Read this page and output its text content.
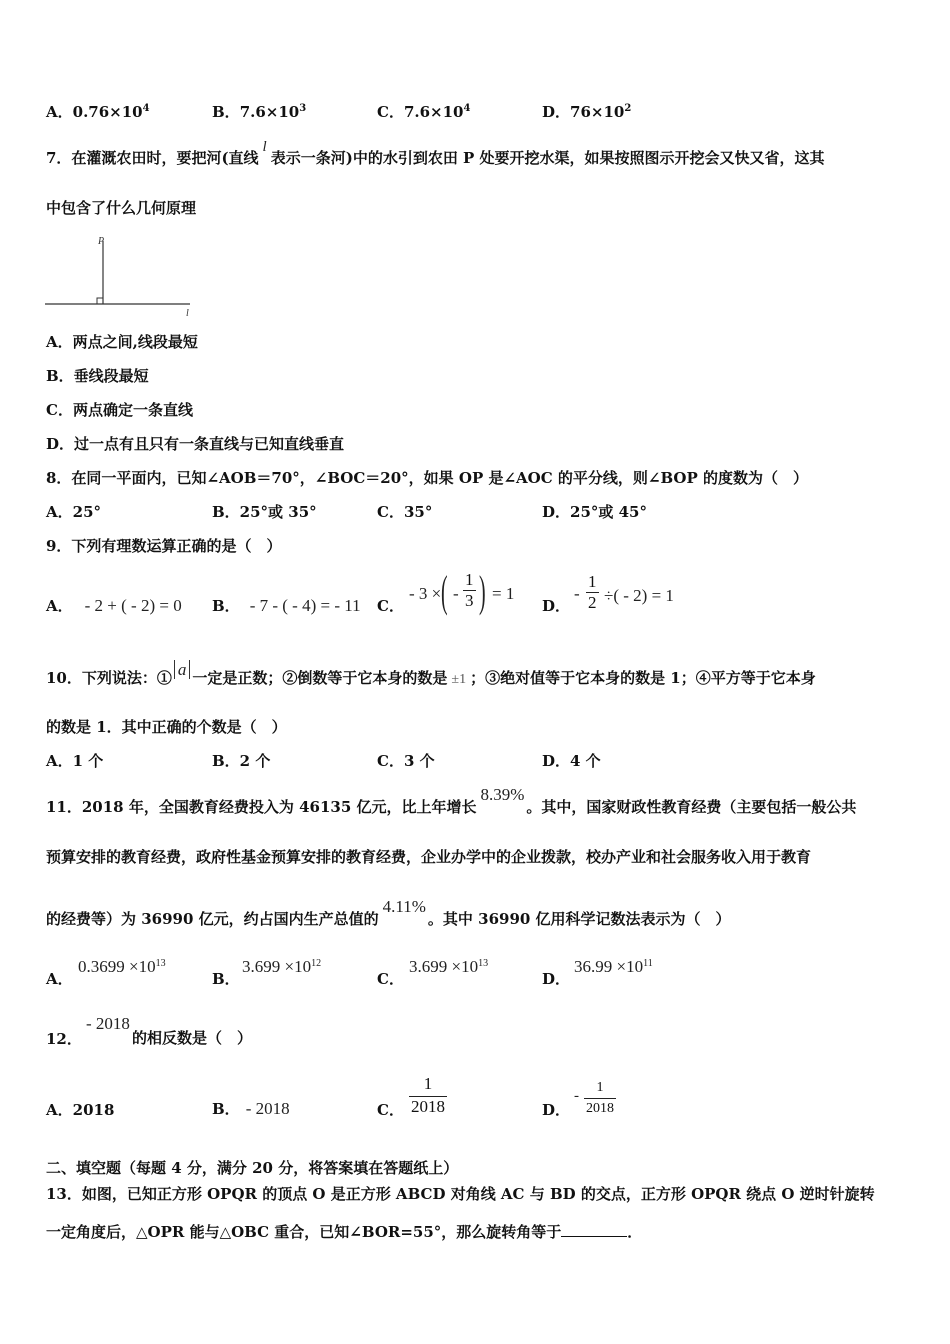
A．$0.76\times 10^4$	B．$7.6\times 10^3$	C．$7.6\times 10^4$	D．$76\times 10^2$
7．在灌溉农田时，要把河(直线l表示一条河)中的水引到农田 P 处要开挖水渠，如果按照图示开挖会又快又省，这其
中包含了什么几何原理
P
l
A．两点之间,线段最短
B．垂线段最短
C．两点确定一条直线
D．过一点有且只有一条直线与已知直线垂直
8．在同一平面内，已知∠AOB＝70°，∠BOC＝20°，如果 OP 是∠AOC 的平分线，则∠BOP 的度数为（　）
A．25°	B．25°或 35°	C．35°	D．25°或 45°
9．下列有理数运算正确的是（　）
A． - 2 + ( - 2) = 0 B． - 7 - ( - 4) = - 11 C．
- 3 × ( - $\frac{1}{3}$ ) = 1
D．
- $\frac{1}{2}$ ÷( - 2) = 1
10．下列说法：① a 一定是正数；②倒数等于它本身的数是 ±1 ；③绝对值等于它本身的数是 1；④平方等于它本身
的数是 1．其中正确的个数是（　）
A．1 个	B．2 个	C．3 个	D．4 个
11．2018 年，全国教育经费投入为 46135 亿元，比上年增长8.39%。其中，国家财政性教育经费（主要包括一般公共
预算安排的教育经费，政府性基金预算安排的教育经费，企业办学中的企业拨款，校办产业和社会服务收入用于教育
的经费等）为 36990 亿元，约占国内生产总值的4.11%。其中 36990 亿用科学记数法表示为（　）
A．
$0.3699 \times 10^{13}$
B．
$3.699 \times 10^{12}$
C．
$3.699 \times 10^{13}$
D．
$36.99 \times 10^{11}$
12．
- 2018
的相反数是（　）
A．2018	B． - 2018	C． $\frac{1}{2018}$	D．
- $\frac{1}{2018}$
二、填空题（每题 4 分，满分 20 分，将答案填在答题纸上）
13．如图，已知正方形 OPQR 的顶点 O 是正方形 ABCD 对角线 AC 与 BD 的交点，正方形 OPQR 绕点 O 逆时针旋转
一定角度后，△OPR 能与△OBC 重合，已知∠BOR=55°，那么旋转角等于	．
